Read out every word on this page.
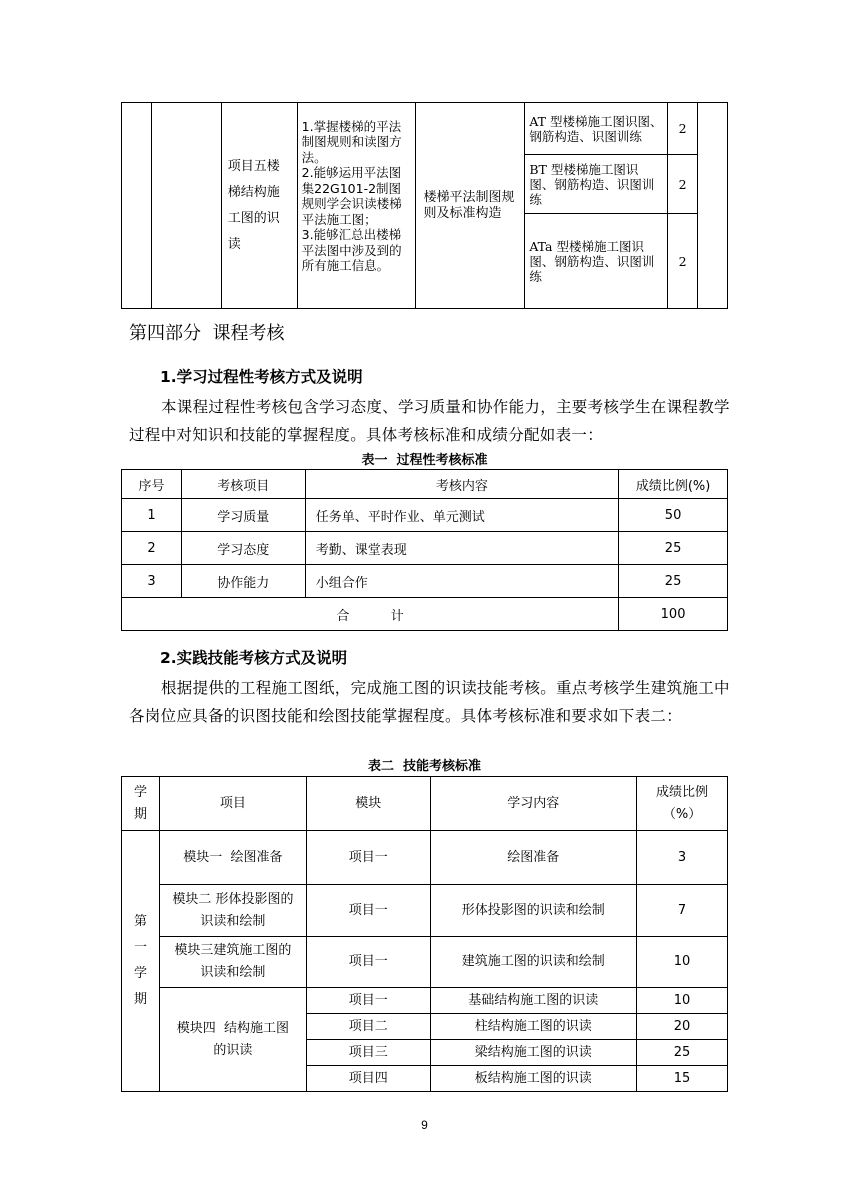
		项目五楼梯结构施工图的识读	1.掌握楼梯的平法制图规则和读图方法。
2.能够运用平法图集22G101-2制图规则学会识读楼梯平法施工图；
3.能够汇总出楼梯平法图中涉及到的所有施工信息。	楼梯平法制图规则及标准构造	AT 型楼梯施工图识图、钢筋构造、识图训练	2	
					BT 型楼梯施工图识图、钢筋构造、识图训练	2	
					ATa 型楼梯施工图识图、钢筋构造、识图训练	2	
第四部分  课程考核
1.学习过程性考核方式及说明
本课程过程性考核包含学习态度、学习质量和协作能力，主要考核学生在课程教学过程中对知识和技能的掌握程度。具体考核标准和成绩分配如表一：
表一  过程性考核标准
序号	考核项目	考核内容	成绩比例(%)
1	学习质量	任务单、平时作业、单元测试	50
2	学习态度	考勤、课堂表现	25
3	协作能力	小组合作	25
合          计			100
2.实践技能考核方式及说明
根据提供的工程施工图纸，完成施工图的识读技能考核。重点考核学生建筑施工中各岗位应具备的识图技能和绘图技能掌握程度。具体考核标准和要求如下表二：
表二  技能考核标准
学期	项目	模块	学习内容	成绩比例（%）
第一学期	模块一  绘图准备	项目一	绘图准备	3
	模块二 形体投影图的识读和绘制	项目一	形体投影图的识读和绘制	7
	模块三建筑施工图的识读和绘制	项目一	建筑施工图的识读和绘制	10
	模块四  结构施工图的识读	项目一	基础结构施工图的识读	10
		项目二	柱结构施工图的识读	20
		项目三	梁结构施工图的识读	25
		项目四	板结构施工图的识读	15
9
